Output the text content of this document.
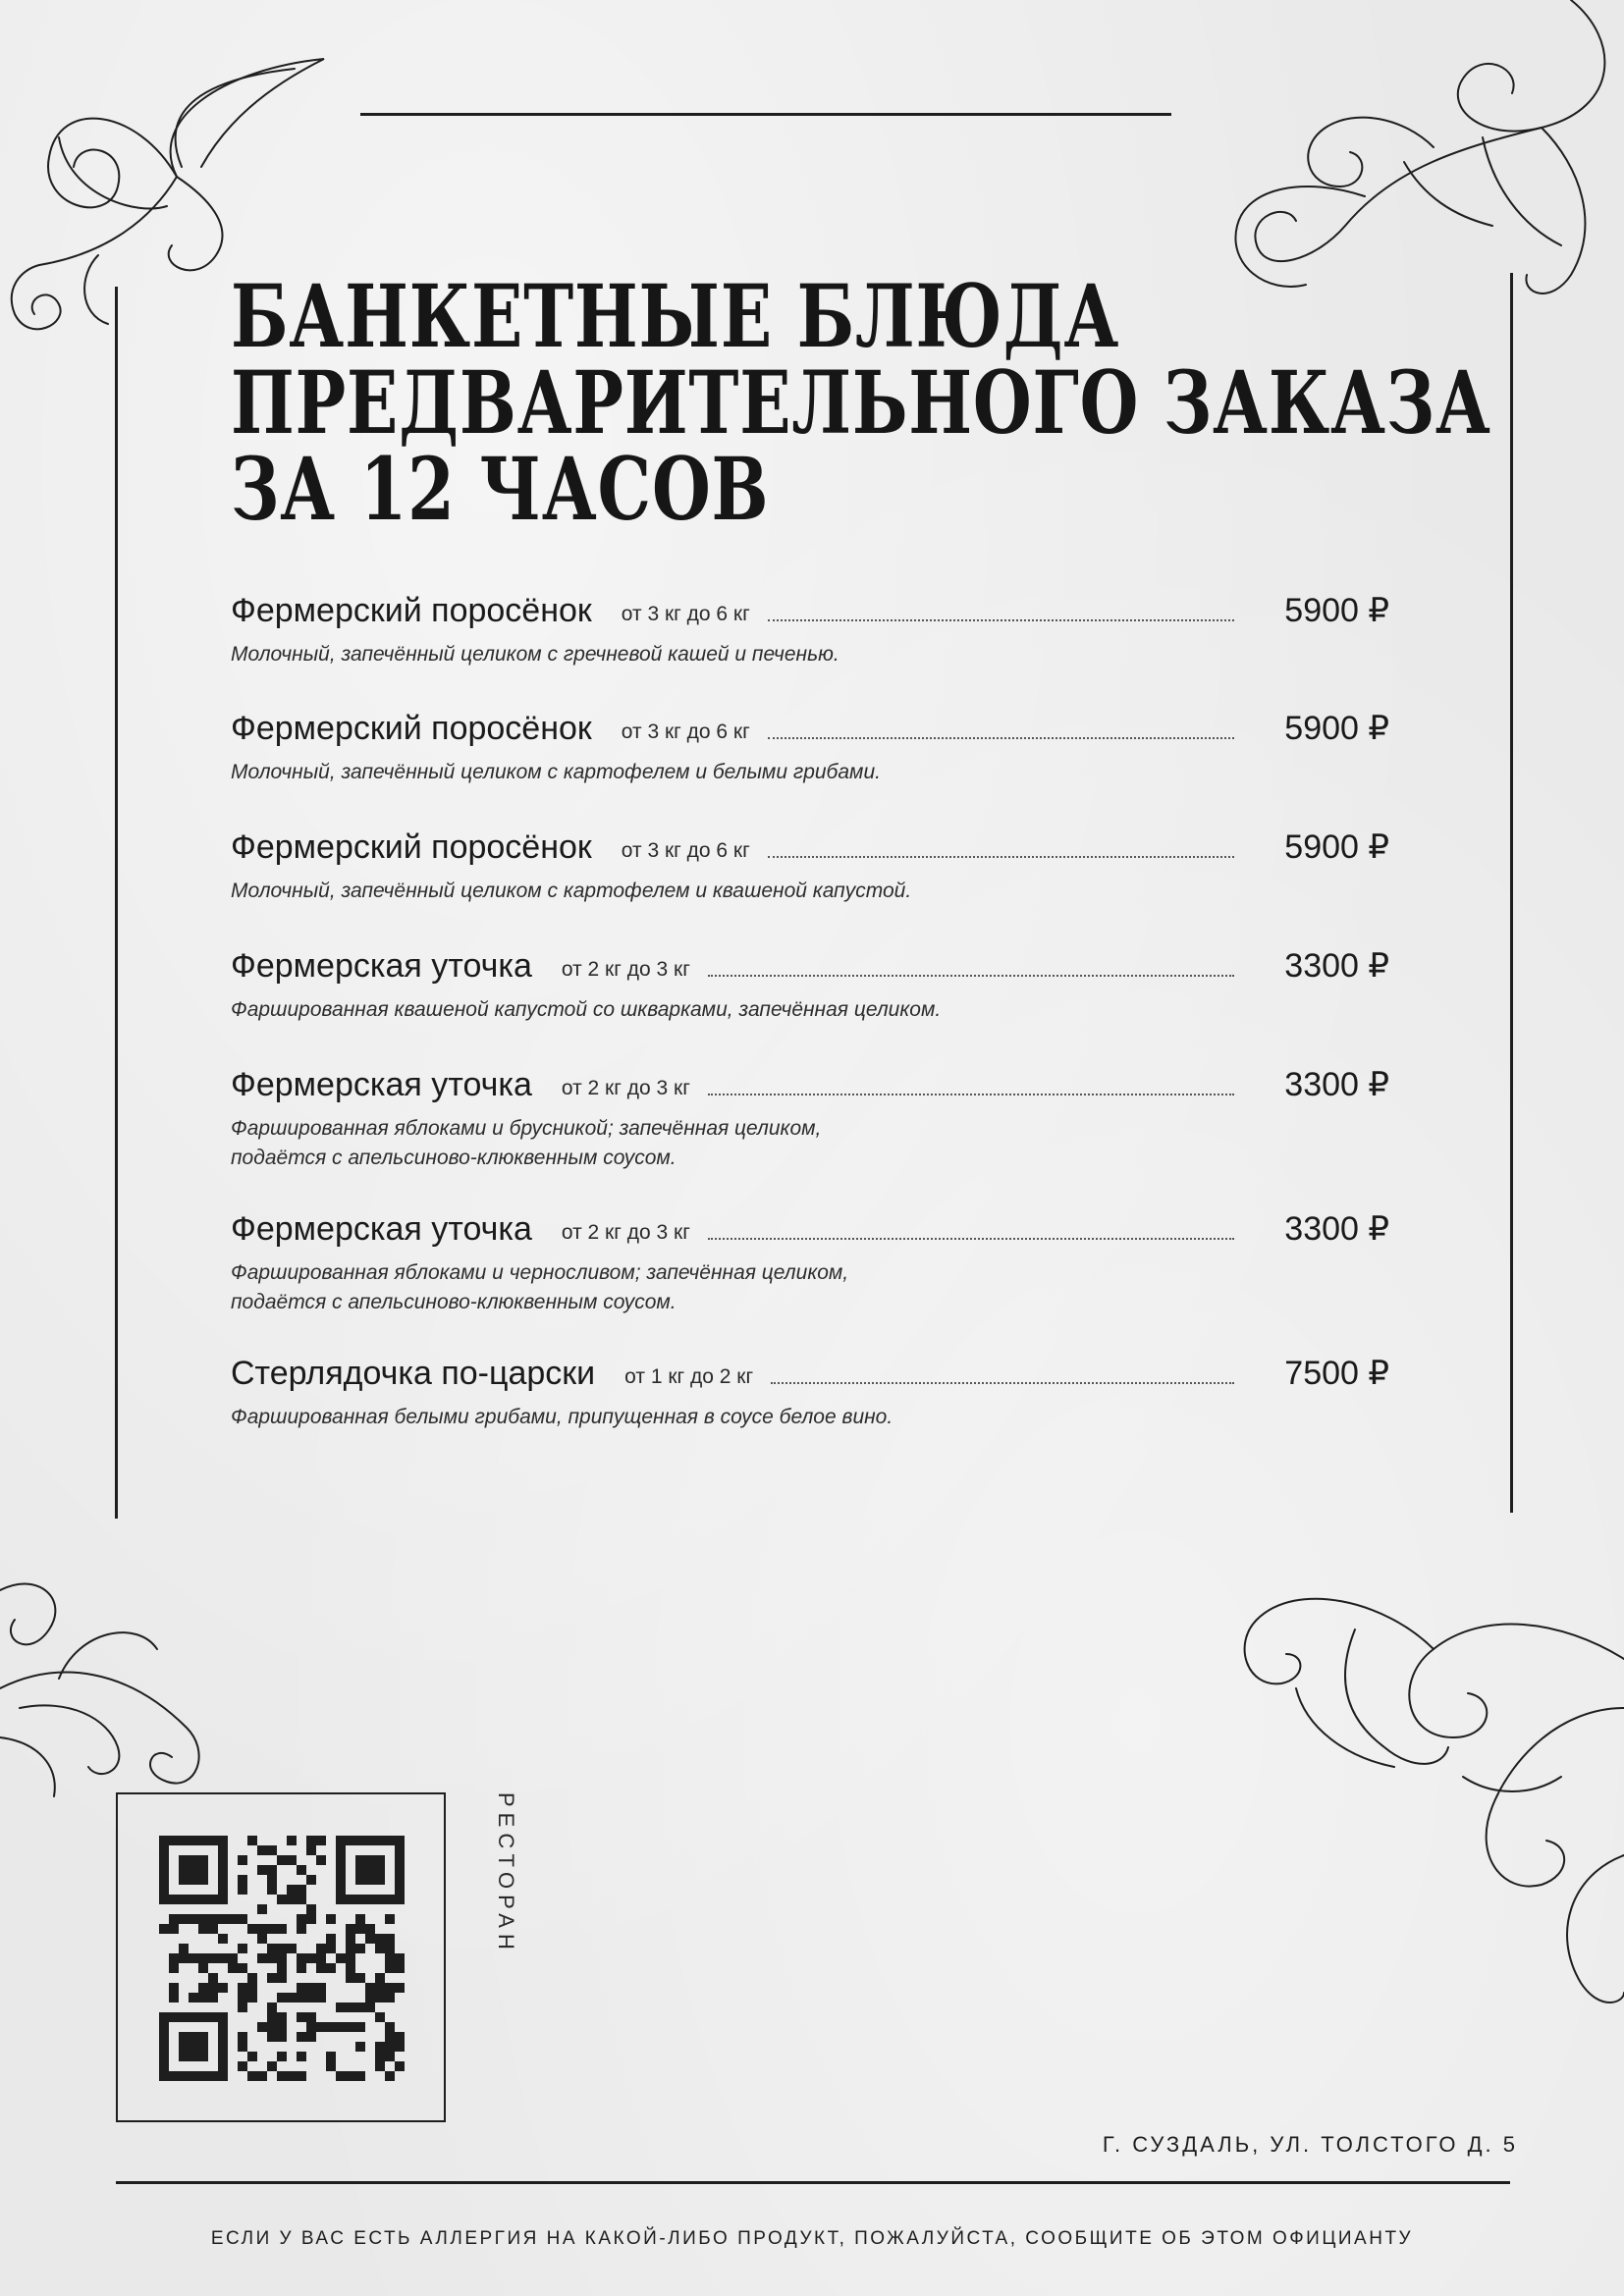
БАНКЕТНЫЕ БЛЮДА
ПРЕДВАРИТЕЛЬНОГО ЗАКАЗА
ЗА 12 ЧАСОВ
Фермерский поросёнок от 3 кг до 6 кг	5900 ₽
Молочный, запечённый целиком с гречневой кашей и печенью.
Фермерский поросёнок от 3 кг до 6 кг	5900 ₽
Молочный, запечённый целиком с картофелем и белыми грибами.
Фермерский поросёнок от 3 кг до 6 кг	5900 ₽
Молочный, запечённый целиком с картофелем и квашеной капустой.
Фермерская уточка от 2 кг до 3 кг	3300 ₽
Фаршированная квашеной капустой со шкварками, запечённая целиком.
Фермерская уточка от 2 кг до 3 кг	3300 ₽
Фаршированная яблоками и брусникой; запечённая целиком,
подаётся с апельсиново-клюквенным соусом.
Фермерская уточка от 2 кг до 3 кг	3300 ₽
Фаршированная яблоками и черносливом; запечённая целиком,
подаётся с апельсиново-клюквенным соусом.
Стерлядочка по-царски от 1 кг до 2 кг	7500 ₽
Фаршированная белыми грибами, припущенная в соусе белое вино.
РЕСТОРАН
Г. СУЗДАЛЬ, УЛ. ТОЛСТОГО Д. 5
ЕСЛИ У ВАС ЕСТЬ АЛЛЕРГИЯ НА КАКОЙ-ЛИБО ПРОДУКТ, ПОЖАЛУЙСТА, СООБЩИТЕ ОБ ЭТОМ ОФИЦИАНТУ
